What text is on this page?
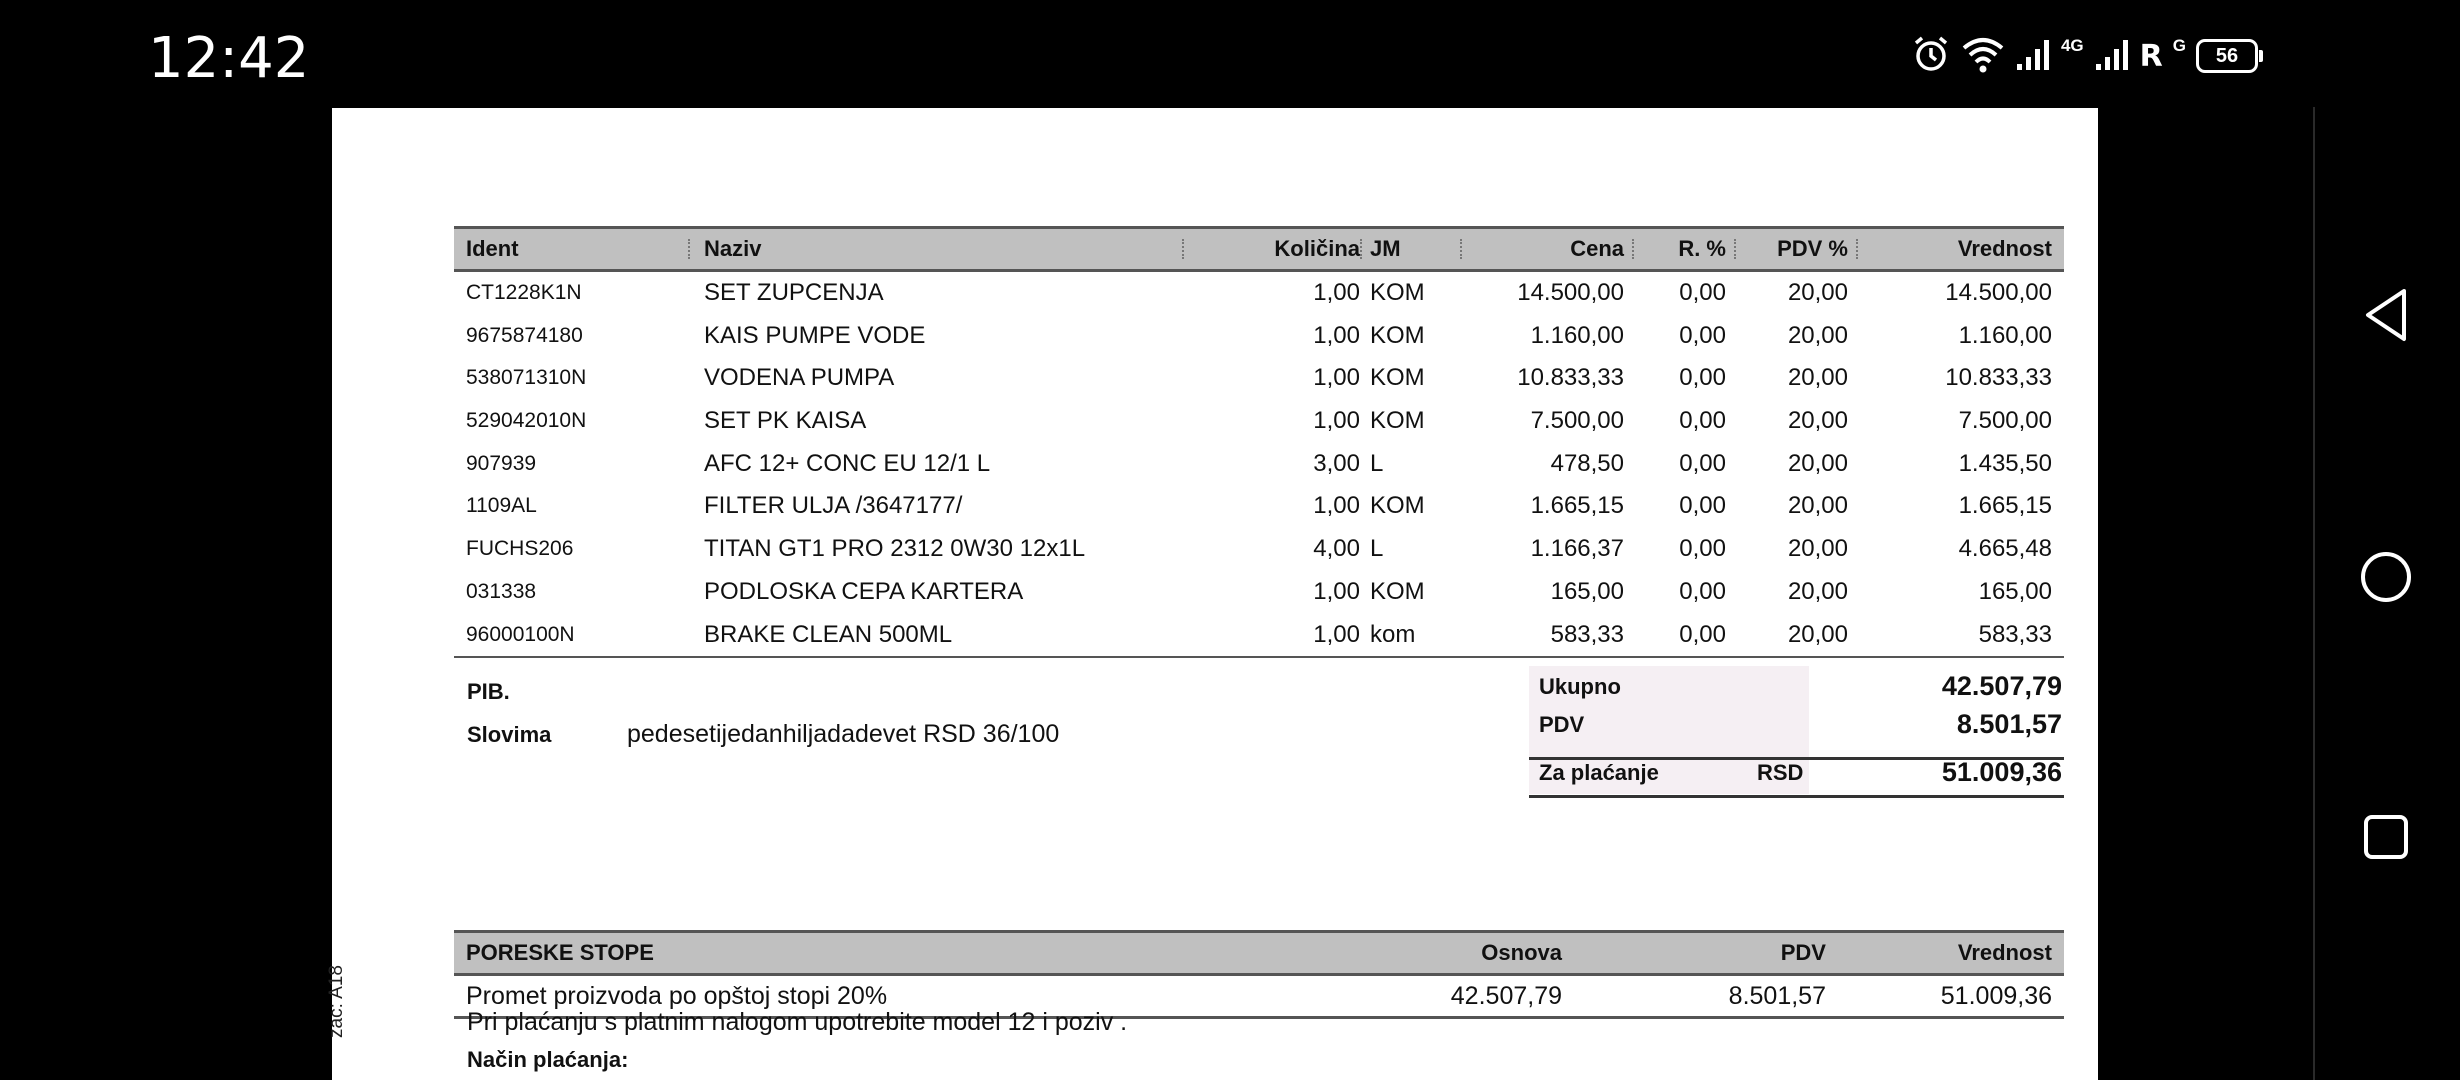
12:42	4G R G 56
zac: A18
Ident	Naziv	Količina JM	Cena R. % PDV %	Vrednost
CT1228K1N	SET ZUPCENJA	1,00 KOM	14.500,00 0,00	20,00	14.500,00
9675874180	KAIS PUMPE VODE	1,00 KOM	1.160,00 0,00	20,00	1.160,00
538071310N	VODENA PUMPA	1,00 KOM	10.833,33 0,00	20,00	10.833,33
529042010N	SET PK KAISA	1,00 KOM	7.500,00 0,00	20,00	7.500,00
907939	AFC 12+ CONC EU 12/1 L	3,00 L	478,50 0,00	20,00	1.435,50
1109AL	FILTER ULJA /3647177/	1,00 KOM	1.665,15 0,00	20,00	1.665,15
FUCHS206	TITAN GT1 PRO 2312 0W30 12x1L	4,00 L	1.166,37 0,00	20,00	4.665,48
031338	PODLOSKA CEPA KARTERA	1,00 KOM	165,00 0,00	20,00	165,00
96000100N	BRAKE CLEAN 500ML	1,00 kom	583,33 0,00	20,00	583,33
PIB.
Slovima	pedesetijedanhiljadadevet RSD 36/100
Ukupno	42.507,79
PDV	8.501,57
Za plaćanje	RSD	51.009,36
PORESKE STOPE	Osnova	PDV	Vrednost
Promet proizvoda po opštoj stopi 20%	42.507,79	8.501,57	51.009,36
Način plaćanja:
Pri plaćanju s platnim nalogom upotrebite model 12 i poziv .
